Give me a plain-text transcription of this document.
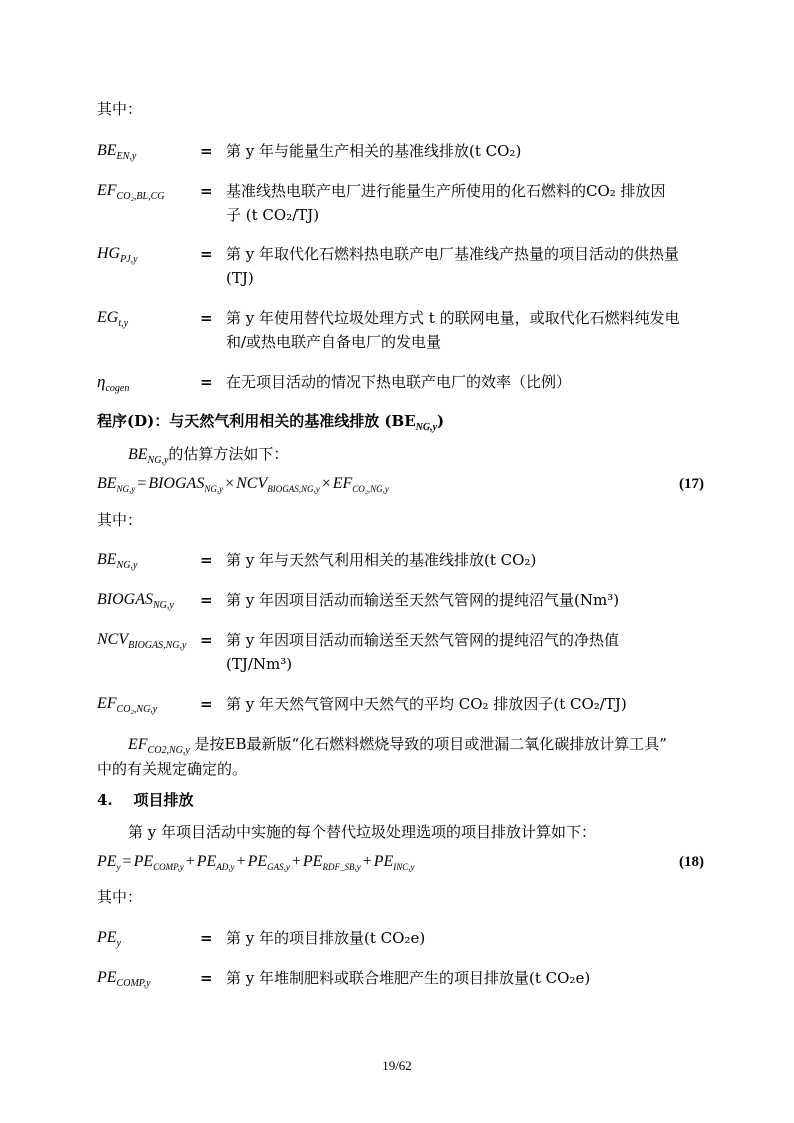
其中：
$BE_{EN,y}$	= 第 y 年与能量生产相关的基准线排放(t CO₂)
$EF_{CO_2,BL,CG}$ = 基准线热电联产电厂进行能量生产所使用的化石燃料的CO₂ 排放因
子 (t CO₂/TJ)
$HG_{PJ,y}$	= 第 y 年取代化石燃料热电联产电厂基准线产热量的项目活动的供热量
(TJ)
$EG_{t,y}$	= 第 y 年使用替代垃圾处理方式 t 的联网电量，或取代化石燃料纯发电
和/或热电联产自备电厂的发电量
$\eta_{cogen}$	= 在无项目活动的情况下热电联产电厂的效率（比例）
程序(D)：与天然气利用相关的基准线排放 $(BE_{NG,y})$
$BE_{NG,y}$的估算方法如下：
$BE_{NG,y}$ = $BIOGAS_{NG,y} \times NCV_{BIOGAS,NG,y} \times EF_{CO_2,NG,y}$	(17)
其中：
$BE_{NG,y}$	= 第 y 年与天然气利用相关的基准线排放(t CO₂)
$BIOGAS_{NG,y}$ = 第 y 年因项目活动而输送至天然气管网的提纯沼气量(Nm³)
$NCV_{BIOGAS,NG,y}$ = 第 y 年因项目活动而输送至天然气管网的提纯沼气的净热值
(TJ/Nm³)
$EF_{CO_2,NG,y}$	= 第 y 年天然气管网中天然气的平均 CO₂ 排放因子(t CO₂/TJ)
$EF_{CO2,NG,y}$ 是按EB最新版“化石燃料燃烧导致的项目或泄漏二氧化碳排放计算工具”
中的有关规定确定的。
4.    项目排放
第 y 年项目活动中实施的每个替代垃圾处理选项的项目排放计算如下：
$PE_y = PE_{COMP,y} + PE_{AD,y} + PE_{GAS,y} + PE_{RDF\_SB,y} + PE_{INC,y}$	(18)
其中：
$PE_y$	= 第 y 年的项目排放量(t CO₂e)
$PE_{COMP,y}$	= 第 y 年堆制肥料或联合堆肥产生的项目排放量(t CO₂e)
19/62
